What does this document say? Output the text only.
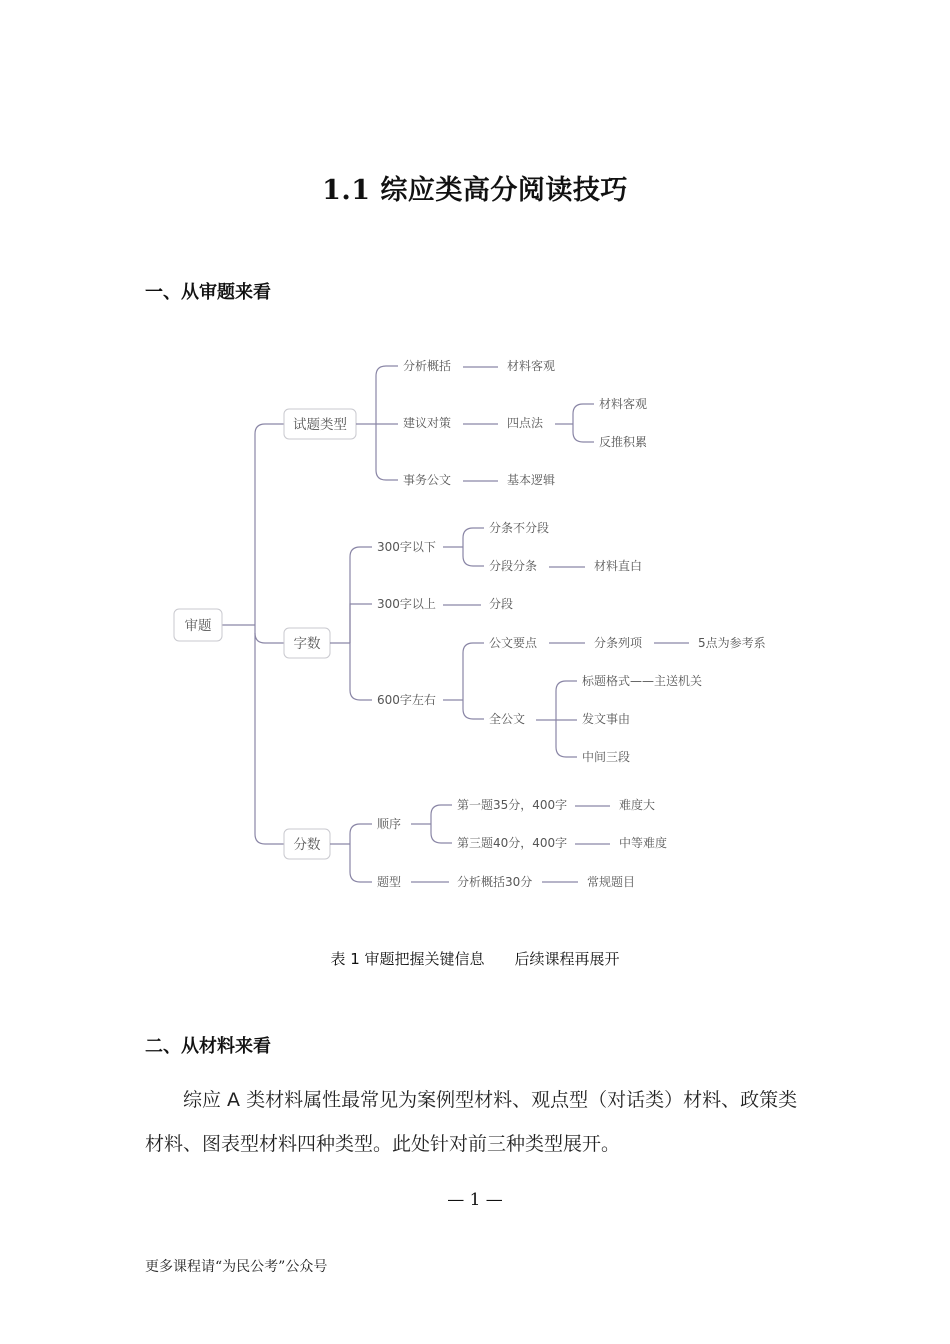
1.1 综应类高分阅读技巧
一、从审题来看
审题
试题类型
分析概括	材料客观
建议对策	四点法
材料客观
反推积累
事务公文	基本逻辑
字数
300字以下
分条不分段
分段分条	材料直白
300字以上	分段
600字左右
公文要点	分条列项	5点为参考系
全公文
标题格式——主送机关
发文事由
中间三段
分数
顺序
第一题35分，400字	难度大
第三题40分，400字	中等难度
题型	分析概括30分	常规题目
表 1 审题把握关键信息 后续课程再展开
二、从材料来看
综应 A 类材料属性最常见为案例型材料、观点型（对话类）材料、政策类材料、图表型材料四种类型。此处针对前三种类型展开。
— 1 —
更多课程请“为民公考”公众号
